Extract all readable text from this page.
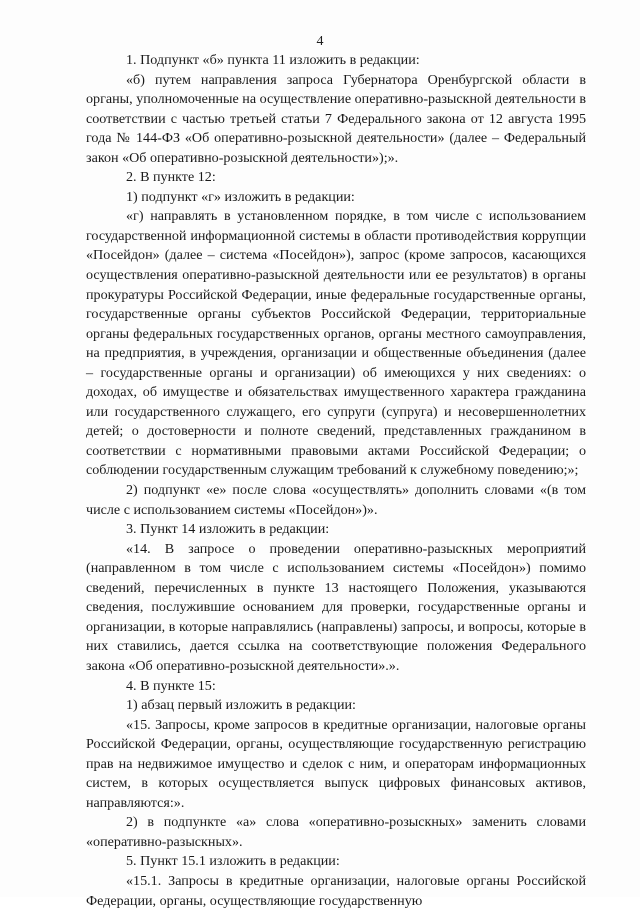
4

1. Подпункт «б» пункта 11 изложить в редакции:

«б) путем направления запроса Губернатора Оренбургской области в органы, уполномоченные на осуществление оперативно-разыскной деятельности в соответствии с частью третьей статьи 7 Федерального закона от 12 августа 1995 года № 144-ФЗ «Об оперативно-розыскной деятельности» (далее – Федеральный закон «Об оперативно-розыскной деятельности»);».

2. В пункте 12:

1) подпункт «г» изложить в редакции:

«г) направлять в установленном порядке, в том числе с использованием государственной информационной системы в области противодействия коррупции «Посейдон» (далее – система «Посейдон»), запрос (кроме запросов, касающихся осуществления оперативно-разыскной деятельности или ее результатов) в органы прокуратуры Российской Федерации, иные федеральные государственные органы, государственные органы субъектов Российской Федерации, территориальные органы федеральных государственных органов, органы местного самоуправления, на предприятия, в учреждения, организации и общественные объединения (далее – государственные органы и организации) об имеющихся у них сведениях: о доходах, об имуществе и обязательствах имущественного характера гражданина или государственного служащего, его супруги (супруга) и несовершеннолетних детей; о достоверности и полноте сведений, представленных гражданином в соответствии с нормативными правовыми актами Российской Федерации; о соблюдении государственным служащим требований к служебному поведению;»;

2) подпункт «е» после слова «осуществлять» дополнить словами «(в том числе с использованием системы «Посейдон»)».

3. Пункт 14 изложить в редакции:

«14. В запросе о проведении оперативно-разыскных мероприятий (направленном в том числе с использованием системы «Посейдон») помимо сведений, перечисленных в пункте 13 настоящего Положения, указываются сведения, послужившие основанием для проверки, государственные органы и организации, в которые направлялись (направлены) запросы, и вопросы, которые в них ставились, дается ссылка на соответствующие положения Федерального закона «Об оперативно-розыскной деятельности».».

4. В пункте 15:

1) абзац первый изложить в редакции:

«15. Запросы, кроме запросов в кредитные организации, налоговые органы Российской Федерации, органы, осуществляющие государственную регистрацию прав на недвижимое имущество и сделок с ним, и операторам информационных систем, в которых осуществляется выпуск цифровых финансовых активов, направляются:».

2) в подпункте «а» слова «оперативно-розыскных» заменить словами «оперативно-разыскных».

5. Пункт 15.1 изложить в редакции:

«15.1. Запросы в кредитные организации, налоговые органы Российской Федерации, органы, осуществляющие государственную
